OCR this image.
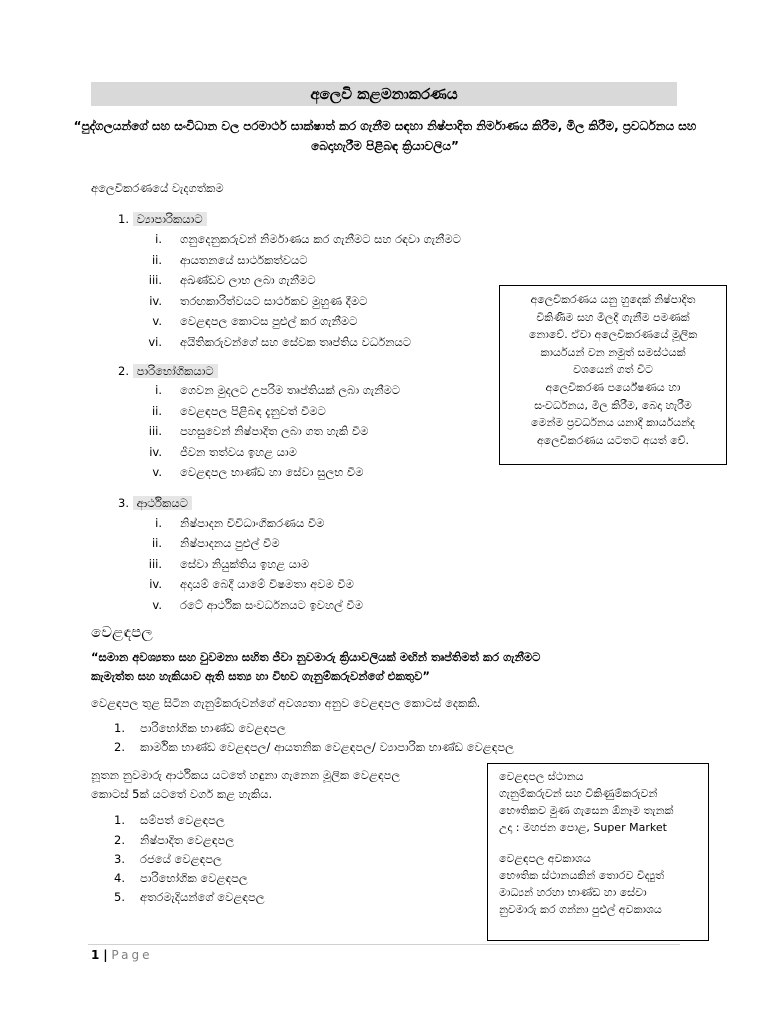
අලෙවි කළමනාකරණය
“පුද්ගලයන්ගේ සහ සංවිධාන වල පරමාර්ථ සාක්ෂාත් කර ගැනීම සඳහා නිෂ්පාදිත නිර්මාණය කිරීම, මිල කිරීම, ප්‍රවර්ධනය සහ බෙදාහැරීම පිළිබඳ ක්‍රියාවලිය”
අලෙවිකරණයේ වැදගත්කම
1. ව්‍යාපාරිකයාට
i. ගනුදෙනුකරුවන් නිර්මාණය කර ගැනීමට සහ රඳවා ගැනීමට
ii. ආයතනයේ සාර්ථකත්වයට
iii. අඛණ්ඩව ලාභ ලබා ගැනීමට
iv. තරඟකාරිත්වයට සාර්ථකව මුහුණ දීමට
v. වෙළඳපල කොටස පුළුල් කර ගැනීමට
vi. අයිතිකරුවන්ගේ සහ සේවක තෘප්තිය වර්ධනයට
2. පාරිභෝගිකයාට
i. ගෙවන මුදලට උපරිම තෘප්තියක් ලබා ගැනීමට
ii. වෙළඳපල පිළිබඳ දැනුවත් වීමට
iii. පහසුවෙන් නිෂ්පාදිත ලබා ගත හැකි වීම
iv. ජීවන තත්වය ඉහළ යාම
v. වෙළඳපල භාණ්ඩ හා සේවා සුලභ වීම
3. ආර්ථිකයට
i. නිෂ්පාදන විවිධාංගිකරණය වීම
ii. නිෂ්පාදනය පුළුල් වීම
iii. සේවා නියුක්තිය ඉහළ යාම
iv. අදායම් බෙදී යාමේ විෂමතා අවම වීම
v. රටේ ආර්ථික සංවර්ධනයට ඉවහල් වීම
අලෙවිකරණය යනු හුදෙක් නිෂ්පාදිත
විකිණීම සහ මිලදී ගැනීම පමණක්
නොවේ. ඒවා අලෙවිකරණයේ මූලික
කාර්යයන් වන නමුත් සමස්ථයක්
වශයෙන් ගත් විට
අලෙවිකරණ පර්යේෂණය හා
සංවර්ධනය, මිල කිරීම, බෙදා හැරීම
මෙන්ම ප්‍රවර්ධනය යනාදී කාර්යයන්ද
අලෙවිකරණය යටතට අයත් වේ.
වෙළඳපල
“සමාන අවශ්‍යතා සහ වුවමනා සහිත ජීවා නුවමාරු ක්‍රියාවලියක් මඟින් තෘප්තිමත් කර ගැනීමට
කැමැත්ත සහ හැකියාව ඇති සත්‍ය හා විභව ගැනුම්කරුවන්ගේ එකතුව”
වෙළඳපල තුළ සිටින ගැනුම්කරුවන්ගේ අවශ්‍යතා අනුව වෙළඳපල කොටස් දෙකකි.
1. පාරිභෝගික භාණ්ඩ වෙළඳපල
2. කාර්මික භාණ්ඩ වෙළඳපල/ ආයතනික වෙළඳපල/ ව්‍යාපාරික භාණ්ඩ වෙළඳපල
නූතන නුවමාරු ආර්ථිකය යටතේ හඳුනා ගැනෙන මූලික වෙළඳපල
කොටස් 5ක් යටතේ වර්ග කළ හැකිය.
1. සම්පත් වෙළඳපල
2. නිෂ්පාදිත වෙළඳපල
3. රජයේ වෙළඳපල
4. පාරිභෝගික වෙළඳපල
5. අතරමැදියන්ගේ වෙළඳපල
වෙළඳපල ස්ථානය
ගැනුම්කරුවන් සහ විකිණුම්කරුවන්
භෞතිකව මුණ ගැසෙන ඕනෑම තැනක්
උදා : මහජන පොළ, Super Market
වෙළඳපල අවකාශය
භෞතික ස්ථානයකින් තොරව විද්‍යුත්
මාධ්‍යන් හරහා භාණ්ඩ හා සේවා
නුවමාරු කර ගන්නා පුළුල් අවකාශය
1 | Page
